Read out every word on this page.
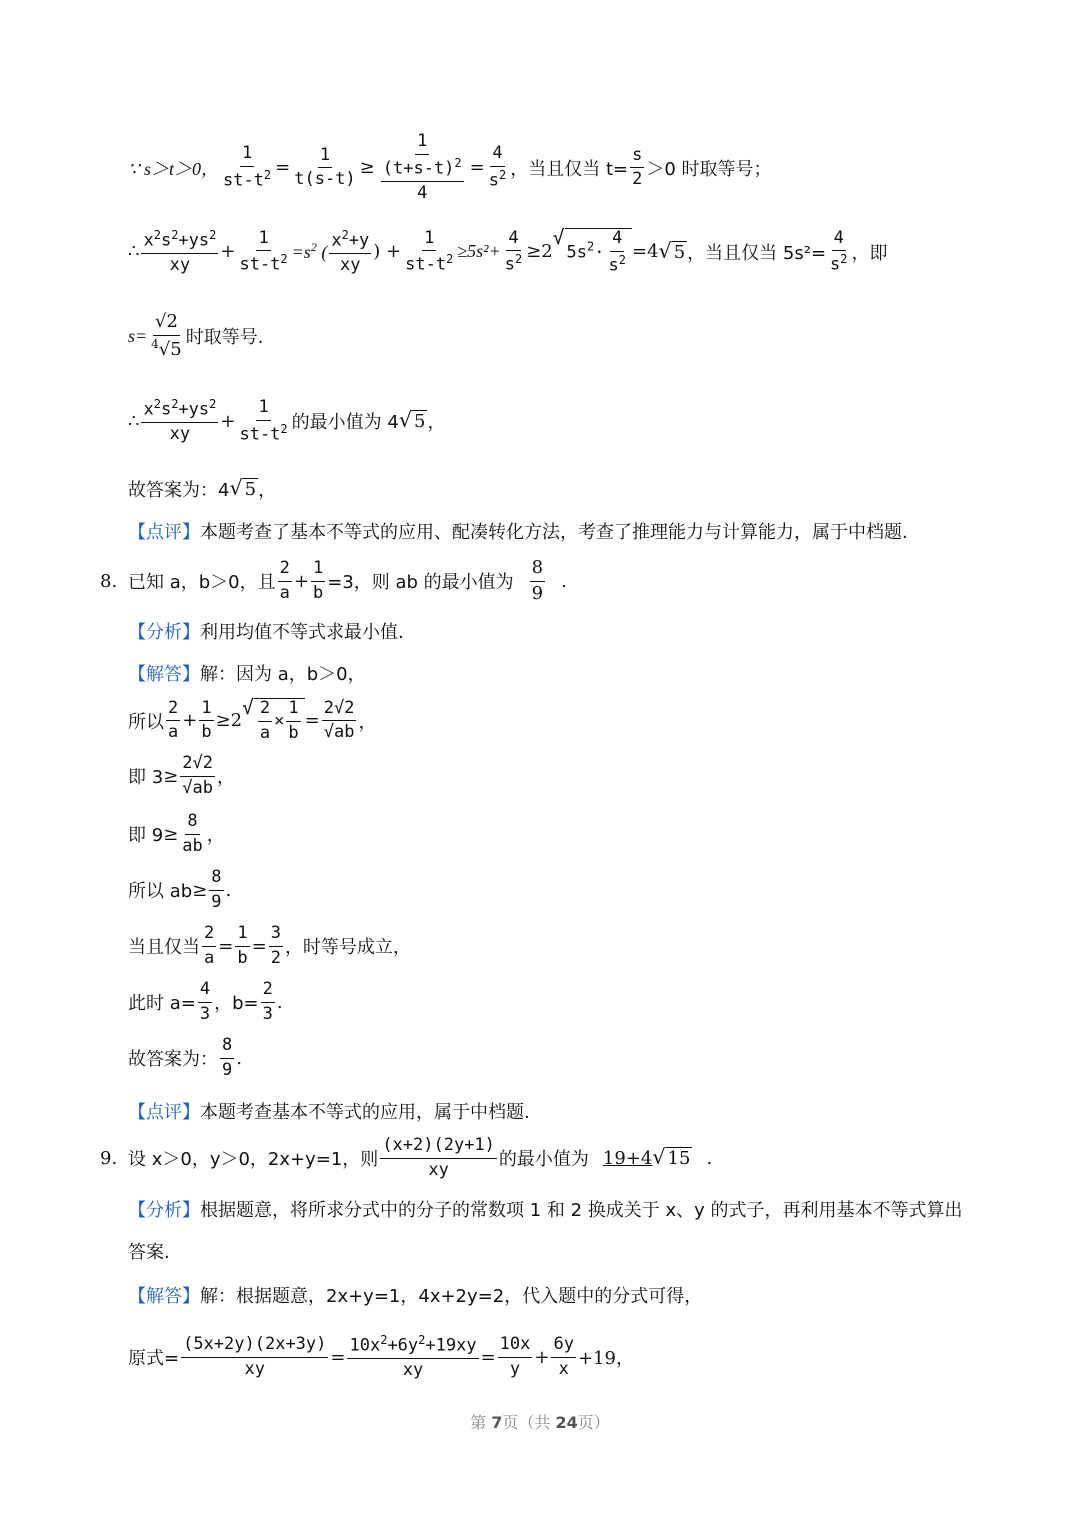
∵ s＞t＞0， $\frac{1}{st-t^2} = \frac{1}{t(s-t)} \ge \frac{1}{\frac{(t+s-t)^2}{4}} = \frac{4}{s^2}$ ，当且仅当 $t= \frac{s}{2} >0$ 时取等号；
∴ $\frac{x^2s^2+ys^2}{xy} + \frac{1}{st-t^2} =s^2$ ( $\frac{x^2+y}{xy}$ ) + $\frac{1}{st-t^2} \ge 5s^2+ \frac{4}{s^2} \ge 2$
√
$5s^2\cdot \frac{4}{s^2} =4$ √ 5 ，当且仅当 $5s^2= \frac{4}{s^2}$ ，即
$s= \frac{√2}{^4√5}$ 时取等号.
∴ $\frac{x^2s^2+ys^2}{xy} + \frac{1}{st-t^2}$ 的最小值为 4 √ 5 ，
故答案为：4 √ 5 ，
【点评】 本题考查了基本不等式的应用、配凑转化方法，考查了推理能力与计算能力，属于中档题.
8. 已知 a，b＞0，且 $\frac{2}{a} + \frac{1}{b} =3$，则 ab 的最小值为 $\frac{8}{9}$ .
【分析】 利用均值不等式求最小值.
【解答】 解：因为 a，b＞0，
所以 $\frac{2}{a} + \frac{1}{b} \ge 2$
√ $\frac{2}{a} \times \frac{1}{b} = \frac{2√2}{√ab}$ ，
即 $3 \ge \frac{2√2}{√ab}$ ，
即 $9 \ge \frac{8}{ab}$ ，
所以 ab ≥ $\frac{8}{9}$ .
当且仅当 $\frac{2}{a} = \frac{1}{b} = \frac{3}{2}$ ，时等号成立，
此时 $a= \frac{4}{3}$ ，$b= \frac{2}{3}$ .
故答案为： $\frac{8}{9}$ .
【点评】 本题考查基本不等式的应用，属于中档题.
9. 设 x＞0，y＞0，2x+y=1，则 $\frac{(x+2)(2y+1)}{xy}$ 的最小值为 19+4 √ 15 .
【分析】 根据题意，将所求分式中的分子的常数项 1 和 2 换成关于 x、y 的式子，再利用基本不等式算出
答案.
【解答】 解：根据题意，2x+y=1，4x+2y=2，代入题中的分式可得，
原式= $\frac{(5x+2y)(2x+3y)}{xy} = \frac{10x^2+6y^2+19xy}{xy} = \frac{10x}{y} + \frac{6y}{x} +19$，
第 7页（共 24页）
